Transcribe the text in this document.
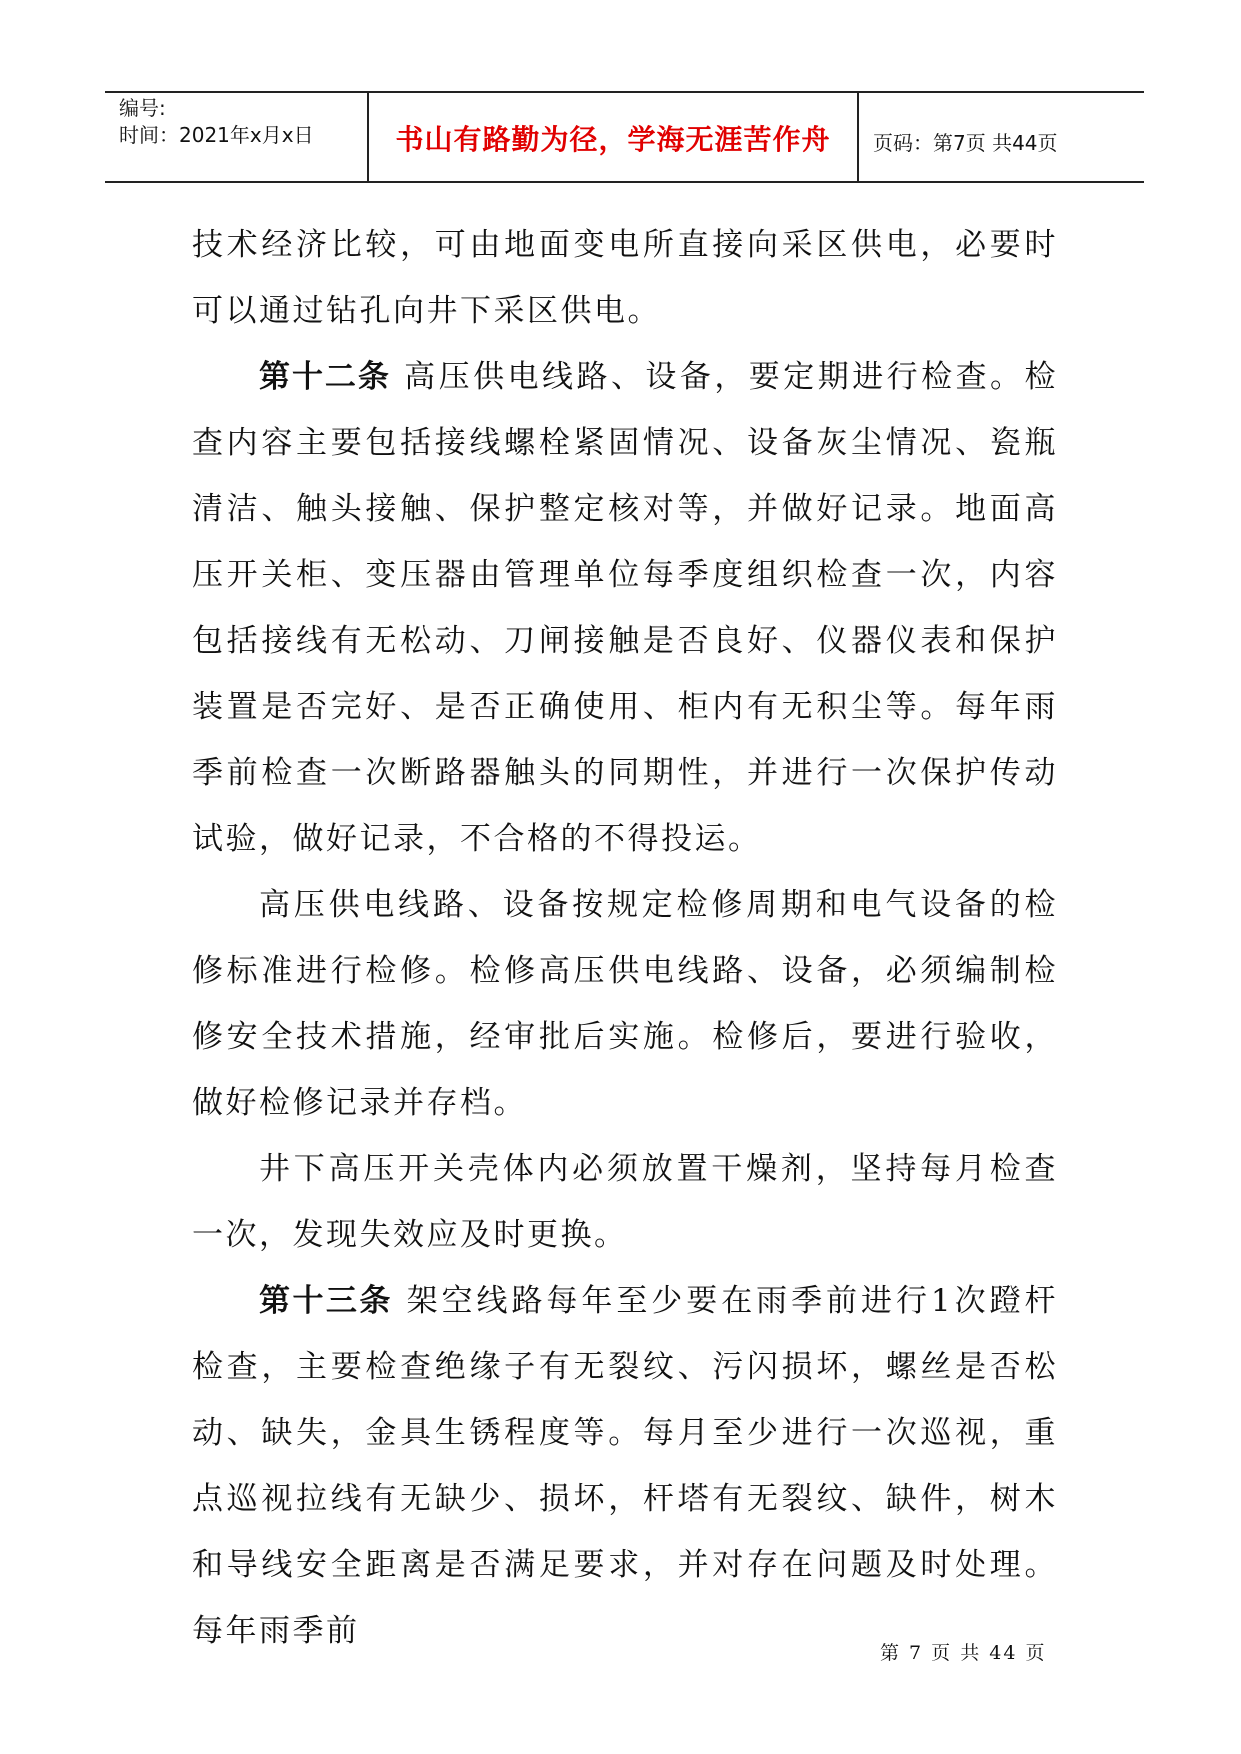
编号:
时间：2021年x月x日	书山有路勤为径，学海无涯苦作舟	页码：第7页 共44页

技术经济比较，可由地面变电所直接向采区供电，必要时可以通过钻孔向井下采区供电。

第十二条 高压供电线路、设备，要定期进行检查。检查内容主要包括接线螺栓紧固情况、设备灰尘情况、瓷瓶清洁、触头接触、保护整定核对等，并做好记录。地面高压开关柜、变压器由管理单位每季度组织检查一次，内容包括接线有无松动、刀闸接触是否良好、仪器仪表和保护装置是否完好、是否正确使用、柜内有无积尘等。每年雨季前检查一次断路器触头的同期性，并进行一次保护传动试验，做好记录，不合格的不得投运。

高压供电线路、设备按规定检修周期和电气设备的检修标准进行检修。检修高压供电线路、设备，必须编制检修安全技术措施，经审批后实施。检修后，要进行验收，做好检修记录并存档。

井下高压开关壳体内必须放置干燥剂，坚持每月检查一次，发现失效应及时更换。

第十三条 架空线路每年至少要在雨季前进行1次蹬杆检查，主要检查绝缘子有无裂纹、污闪损坏，螺丝是否松动、缺失，金具生锈程度等。每月至少进行一次巡视，重点巡视拉线有无缺少、损坏，杆塔有无裂纹、缺件，树木和导线安全距离是否满足要求，并对存在问题及时处理。每年雨季前

第 7 页 共 44 页
